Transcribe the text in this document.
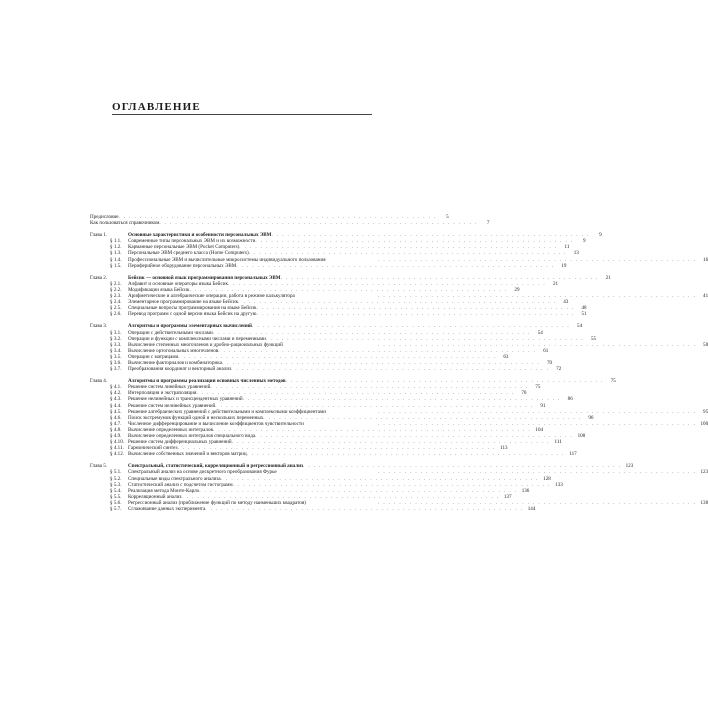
ОГЛАВЛЕНИЕ
Предисловие . . . . . . . . . . . . . . . . . . . . . . . . . . . . . . . . . . . . . . . . . . . . . . . . . . . . . . . . . . . .	5
Как пользоваться справочником . . . . . . . . . . . . . . . . . . . . . . . . . . . . . . . . . . . . . . . . . . . . . . . . . . . . . . . . . . . .	7
Глава 1.	Основные характеристики и особенности персональных ЭВМ . . . . . . . . . . . . . . . . . . . . . . . . . . . . . . . . . . . . . . . . . . . . . . . . . . . . . . . . . . . .	9
§ 1.1.	Современные типы персональных ЭВМ и их возможности . . . . . . . . . . . . . . . . . . . . . . . . . . . . . . . . . . . . . . . . . . . . . . . . . . . . . . . . . . . .	9
§ 1.2.	Карманные персональные ЭВМ (Pocket Computers) . . . . . . . . . . . . . . . . . . . . . . . . . . . . . . . . . . . . . . . . . . . . . . . . . . . . . . . . . . . .	11
§ 1.3.	Персональные ЭВМ среднего класса (Home Computers) . . . . . . . . . . . . . . . . . . . . . . . . . . . . . . . . . . . . . . . . . . . . . . . . . . . . . . . . . . . .	13
§ 1.4.	Профессиональные ЭВМ и вычислительные микросистемы индивидуального пользования	. . . . . . . . . . . . . . . . . . . . . . . . . . . . . . . . . . . . . . . . . . . . . . . . . . . . . . . . . . . .	16
§ 1.5.	Периферийное оборудование персональных ЭВМ . . . . . . . . . . . . . . . . . . . . . . . . . . . . . . . . . . . . . . . . . . . . . . . . . . . . . . . . . . . .	19
Глава 2.	Бейсик — основной язык программирования персональных ЭВМ . . . . . . . . . . . . . . . . . . . . . . . . . . . . . . . . . . . . . . . . . . . . . . . . . . . . . . . . . . . .	21
§ 2.1.	Алфавит и основные операторы языка Бейсик . . . . . . . . . . . . . . . . . . . . . . . . . . . . . . . . . . . . . . . . . . . . . . . . . . . . . . . . . . . .	21
§ 2.2.	Модификации языка Бейсик . . . . . . . . . . . . . . . . . . . . . . . . . . . . . . . . . . . . . . . . . . . . . . . . . . . . . . . . . . . .	29
§ 2.3.	Арифметические и алгебраические операции, работа в режиме калькулятора	. . . . . . . . . . . . . . . . . . . . . . . . . . . . . . . . . . . . . . . . . . . . . . . . . . . . . . . . . . . .	41
§ 2.4.	Элементарное программирование на языке Бейсик . . . . . . . . . . . . . . . . . . . . . . . . . . . . . . . . . . . . . . . . . . . . . . . . . . . . . . . . . . . .	43
§ 2.5.	Специальные вопросы программирования на языке Бейсик . . . . . . . . . . . . . . . . . . . . . . . . . . . . . . . . . . . . . . . . . . . . . . . . . . . . . . . . . . . .	48
§ 2.6.	Перевод программ с одной версии языка Бейсик на другую . . . . . . . . . . . . . . . . . . . . . . . . . . . . . . . . . . . . . . . . . . . . . . . . . . . . . . . . . . . .	51
Глава 3.	Алгоритмы и программы элементарных вычислений . . . . . . . . . . . . . . . . . . . . . . . . . . . . . . . . . . . . . . . . . . . . . . . . . . . . . . . . . . . .	54
§ 3.1.	Операции с действительными числами . . . . . . . . . . . . . . . . . . . . . . . . . . . . . . . . . . . . . . . . . . . . . . . . . . . . . . . . . . . .	54
§ 3.2.	Операции и функции с комплексными числами и переменными . . . . . . . . . . . . . . . . . . . . . . . . . . . . . . . . . . . . . . . . . . . . . . . . . . . . . . . . . . . .	55
§ 3.3.	Вычисление степенных многочленов и дробно-рациональных функций	. . . . . . . . . . . . . . . . . . . . . . . . . . . . . . . . . . . . . . . . . . . . . . . . . . . . . . . . . . . .	58
§ 3.4.	Вычисление ортогональных многочленов . . . . . . . . . . . . . . . . . . . . . . . . . . . . . . . . . . . . . . . . . . . . . . . . . . . . . . . . . . . .	61
§ 3.5.	Операции с матрицами . . . . . . . . . . . . . . . . . . . . . . . . . . . . . . . . . . . . . . . . . . . . . . . . . . . . . . . . . . . .	63
§ 3.6.	Вычисление факториалов и комбинаторика . . . . . . . . . . . . . . . . . . . . . . . . . . . . . . . . . . . . . . . . . . . . . . . . . . . . . . . . . . . .	70
§ 3.7.	Преобразования координат и векторный анализ . . . . . . . . . . . . . . . . . . . . . . . . . . . . . . . . . . . . . . . . . . . . . . . . . . . . . . . . . . . .	72
Глава 4.	Алгоритмы и программы реализации основных численных методов . . . . . . . . . . . . . . . . . . . . . . . . . . . . . . . . . . . . . . . . . . . . . . . . . . . . . . . . . . . .	75
§ 4.1.	Решение систем линейных уравнений . . . . . . . . . . . . . . . . . . . . . . . . . . . . . . . . . . . . . . . . . . . . . . . . . . . . . . . . . . . .	75
§ 4.2.	Интерполяция и экстраполяция . . . . . . . . . . . . . . . . . . . . . . . . . . . . . . . . . . . . . . . . . . . . . . . . . . . . . . . . . . . .	76
§ 4.3.	Решение нелинейных и трансцендентных уравнений . . . . . . . . . . . . . . . . . . . . . . . . . . . . . . . . . . . . . . . . . . . . . . . . . . . . . . . . . . . .	86
§ 4.4.	Решение систем нелинейных уравнений . . . . . . . . . . . . . . . . . . . . . . . . . . . . . . . . . . . . . . . . . . . . . . . . . . . . . . . . . . . .	91
§ 4.5.	Решение алгебраических уравнений с действительными и комплексными коэффициентами	. . . . . . . . . . . . . . . . . . . . . . . . . . . . . . . . . . . . . . . . . . . . . . . . . . . . . . . . . . . .	95
§ 4.6.	Поиск экстремумов функций одной и нескольких переменных . . . . . . . . . . . . . . . . . . . . . . . . . . . . . . . . . . . . . . . . . . . . . . . . . . . . . . . . . . . .	96
§ 4.7.	Численное дифференцирование и вычисление коэффициентов чувствительности	. . . . . . . . . . . . . . . . . . . . . . . . . . . . . . . . . . . . . . . . . . . . . . . . . . . . . . . . . . . . 100
§ 4.8.	Вычисление определенных интегралов . . . . . . . . . . . . . . . . . . . . . . . . . . . . . . . . . . . . . . . . . . . . . . . . . . . . . . . . . . . . 104
§ 4.9.	Вычисление определенных интегралов специального вида . . . . . . . . . . . . . . . . . . . . . . . . . . . . . . . . . . . . . . . . . . . . . . . . . . . . . . . . . . . . 108
§ 4.10. Решение систем дифференциальных уравнений . . . . . . . . . . . . . . . . . . . . . . . . . . . . . . . . . . . . . . . . . . . . . . . . . . . . . . . . . . . . 111
§ 4.11. Гармонический синтез . . . . . . . . . . . . . . . . . . . . . . . . . . . . . . . . . . . . . . . . . . . . . . . . . . . . . . . . . . . . 113
§ 4.12. Вычисление собственных значений и векторов матриц . . . . . . . . . . . . . . . . . . . . . . . . . . . . . . . . . . . . . . . . . . . . . . . . . . . . . . . . . . . . 117
Глава 5.	Спектральный, статистический, корреляционный и регрессионный анализ . . . . . . . . . . . . . . . . . . . . . . . . . . . . . . . . . . . . . . . . . . . . . . . . . . . . . . . . . . . . 123
§ 5.1.	Спектральный анализ на основе дискретного преобразования Фурье	. . . . . . . . . . . . . . . . . . . . . . . . . . . . . . . . . . . . . . . . . . . . . . . . . . . . . . . . . . . . 123
§ 5.2.	Специальные виды спектрального анализа . . . . . . . . . . . . . . . . . . . . . . . . . . . . . . . . . . . . . . . . . . . . . . . . . . . . . . . . . . . . 128
§ 5.3.	Статистический анализ с подсчетом гистограмм . . . . . . . . . . . . . . . . . . . . . . . . . . . . . . . . . . . . . . . . . . . . . . . . . . . . . . . . . . . . 133
§ 5.4.	Реализация метода Монте-Карло . . . . . . . . . . . . . . . . . . . . . . . . . . . . . . . . . . . . . . . . . . . . . . . . . . . . . . . . . . . . 136
§ 5.5.	Корреляционный анализ . . . . . . . . . . . . . . . . . . . . . . . . . . . . . . . . . . . . . . . . . . . . . . . . . . . . . . . . . . . . 137
§ 5.6.	Регрессионный анализ (приближение функций по методу наименьших квадратов)	. . . . . . . . . . . . . . . . . . . . . . . . . . . . . . . . . . . . . . . . . . . . . . . . . . . . . . . . . . . . 138
§ 5.7.	Сглаживание данных эксперимента . . . . . . . . . . . . . . . . . . . . . . . . . . . . . . . . . . . . . . . . . . . . . . . . . . . . . . . . . . . . 144
